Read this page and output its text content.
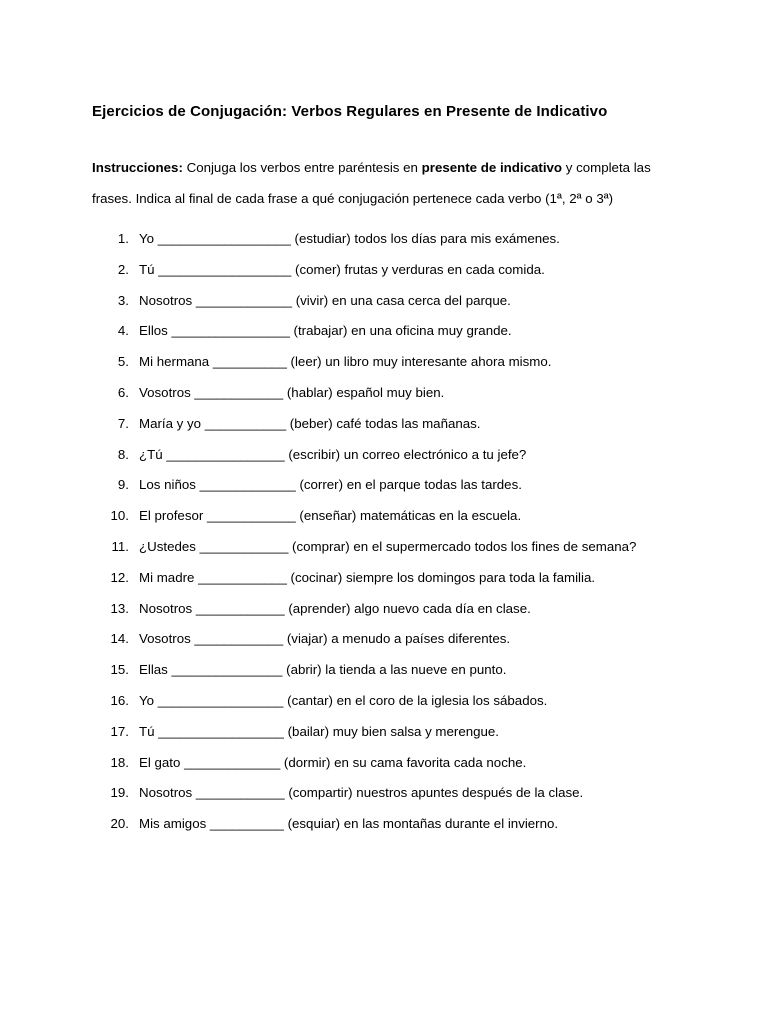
Ejercicios de Conjugación: Verbos Regulares en Presente de Indicativo
Instrucciones: Conjuga los verbos entre paréntesis en presente de indicativo y completa las frases. Indica al final de cada frase a qué conjugación pertenece cada verbo (1ª, 2ª o 3ª)
1. Yo __________________ (estudiar) todos los días para mis exámenes.
2. Tú __________________ (comer) frutas y verduras en cada comida.
3. Nosotros _____________ (vivir) en una casa cerca del parque.
4. Ellos ________________ (trabajar) en una oficina muy grande.
5. Mi hermana __________ (leer) un libro muy interesante ahora mismo.
6. Vosotros ____________ (hablar) español muy bien.
7. María y yo ___________ (beber) café todas las mañanas.
8. ¿Tú ________________ (escribir) un correo electrónico a tu jefe?
9. Los niños _____________ (correr) en el parque todas las tardes.
10. El profesor ____________ (enseñar) matemáticas en la escuela.
11. ¿Ustedes ____________ (comprar) en el supermercado todos los fines de semana?
12. Mi madre ____________ (cocinar) siempre los domingos para toda la familia.
13. Nosotros ____________ (aprender) algo nuevo cada día en clase.
14. Vosotros ____________ (viajar) a menudo a países diferentes.
15. Ellas _______________ (abrir) la tienda a las nueve en punto.
16. Yo _________________ (cantar) en el coro de la iglesia los sábados.
17. Tú _________________ (bailar) muy bien salsa y merengue.
18. El gato _____________ (dormir) en su cama favorita cada noche.
19. Nosotros ____________ (compartir) nuestros apuntes después de la clase.
20. Mis amigos __________ (esquiar) en las montañas durante el invierno.
